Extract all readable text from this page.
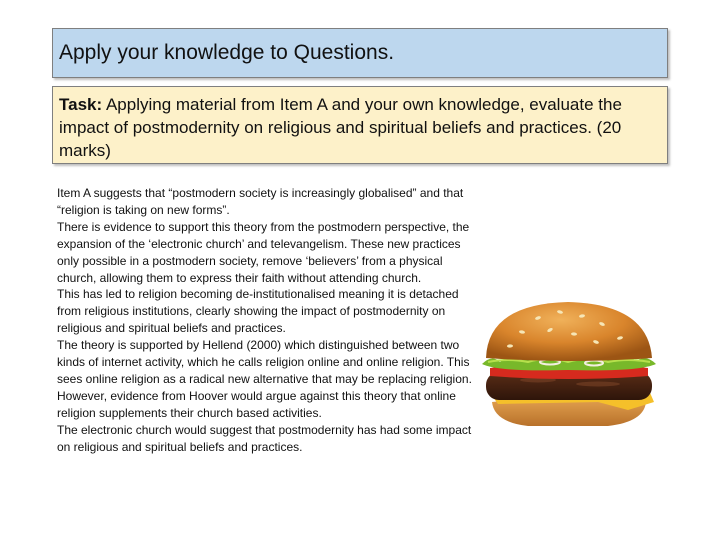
Apply your knowledge to Questions.
Task: Applying material from Item A and your own knowledge, evaluate the impact of postmodernity on religious and spiritual beliefs and practices. (20 marks)

Item A suggests that “postmodern society is increasingly globalised” and that “religion is taking on new forms”.

There is evidence to support this theory from the postmodern perspective, the expansion of the ‘electronic church’ and televangelism. These new practices only possible in a postmodern society, remove ‘believers’ from a physical church, allowing them to express their faith without attending church.

This has led to religion becoming de-institutionalised meaning it is detached from religious institutions, clearly showing the impact of postmodernity on religious and spiritual beliefs and practices.

The theory is supported by Hellend (2000) which distinguished between two kinds of internet activity, which he calls religion online and online religion. This sees online religion as a radical new alternative that may be replacing religion.

However, evidence from Hoover would argue against this theory that online religion supplements their church based activities.

The electronic church would suggest that postmodernity has had some impact on religious and spiritual beliefs and practices.
